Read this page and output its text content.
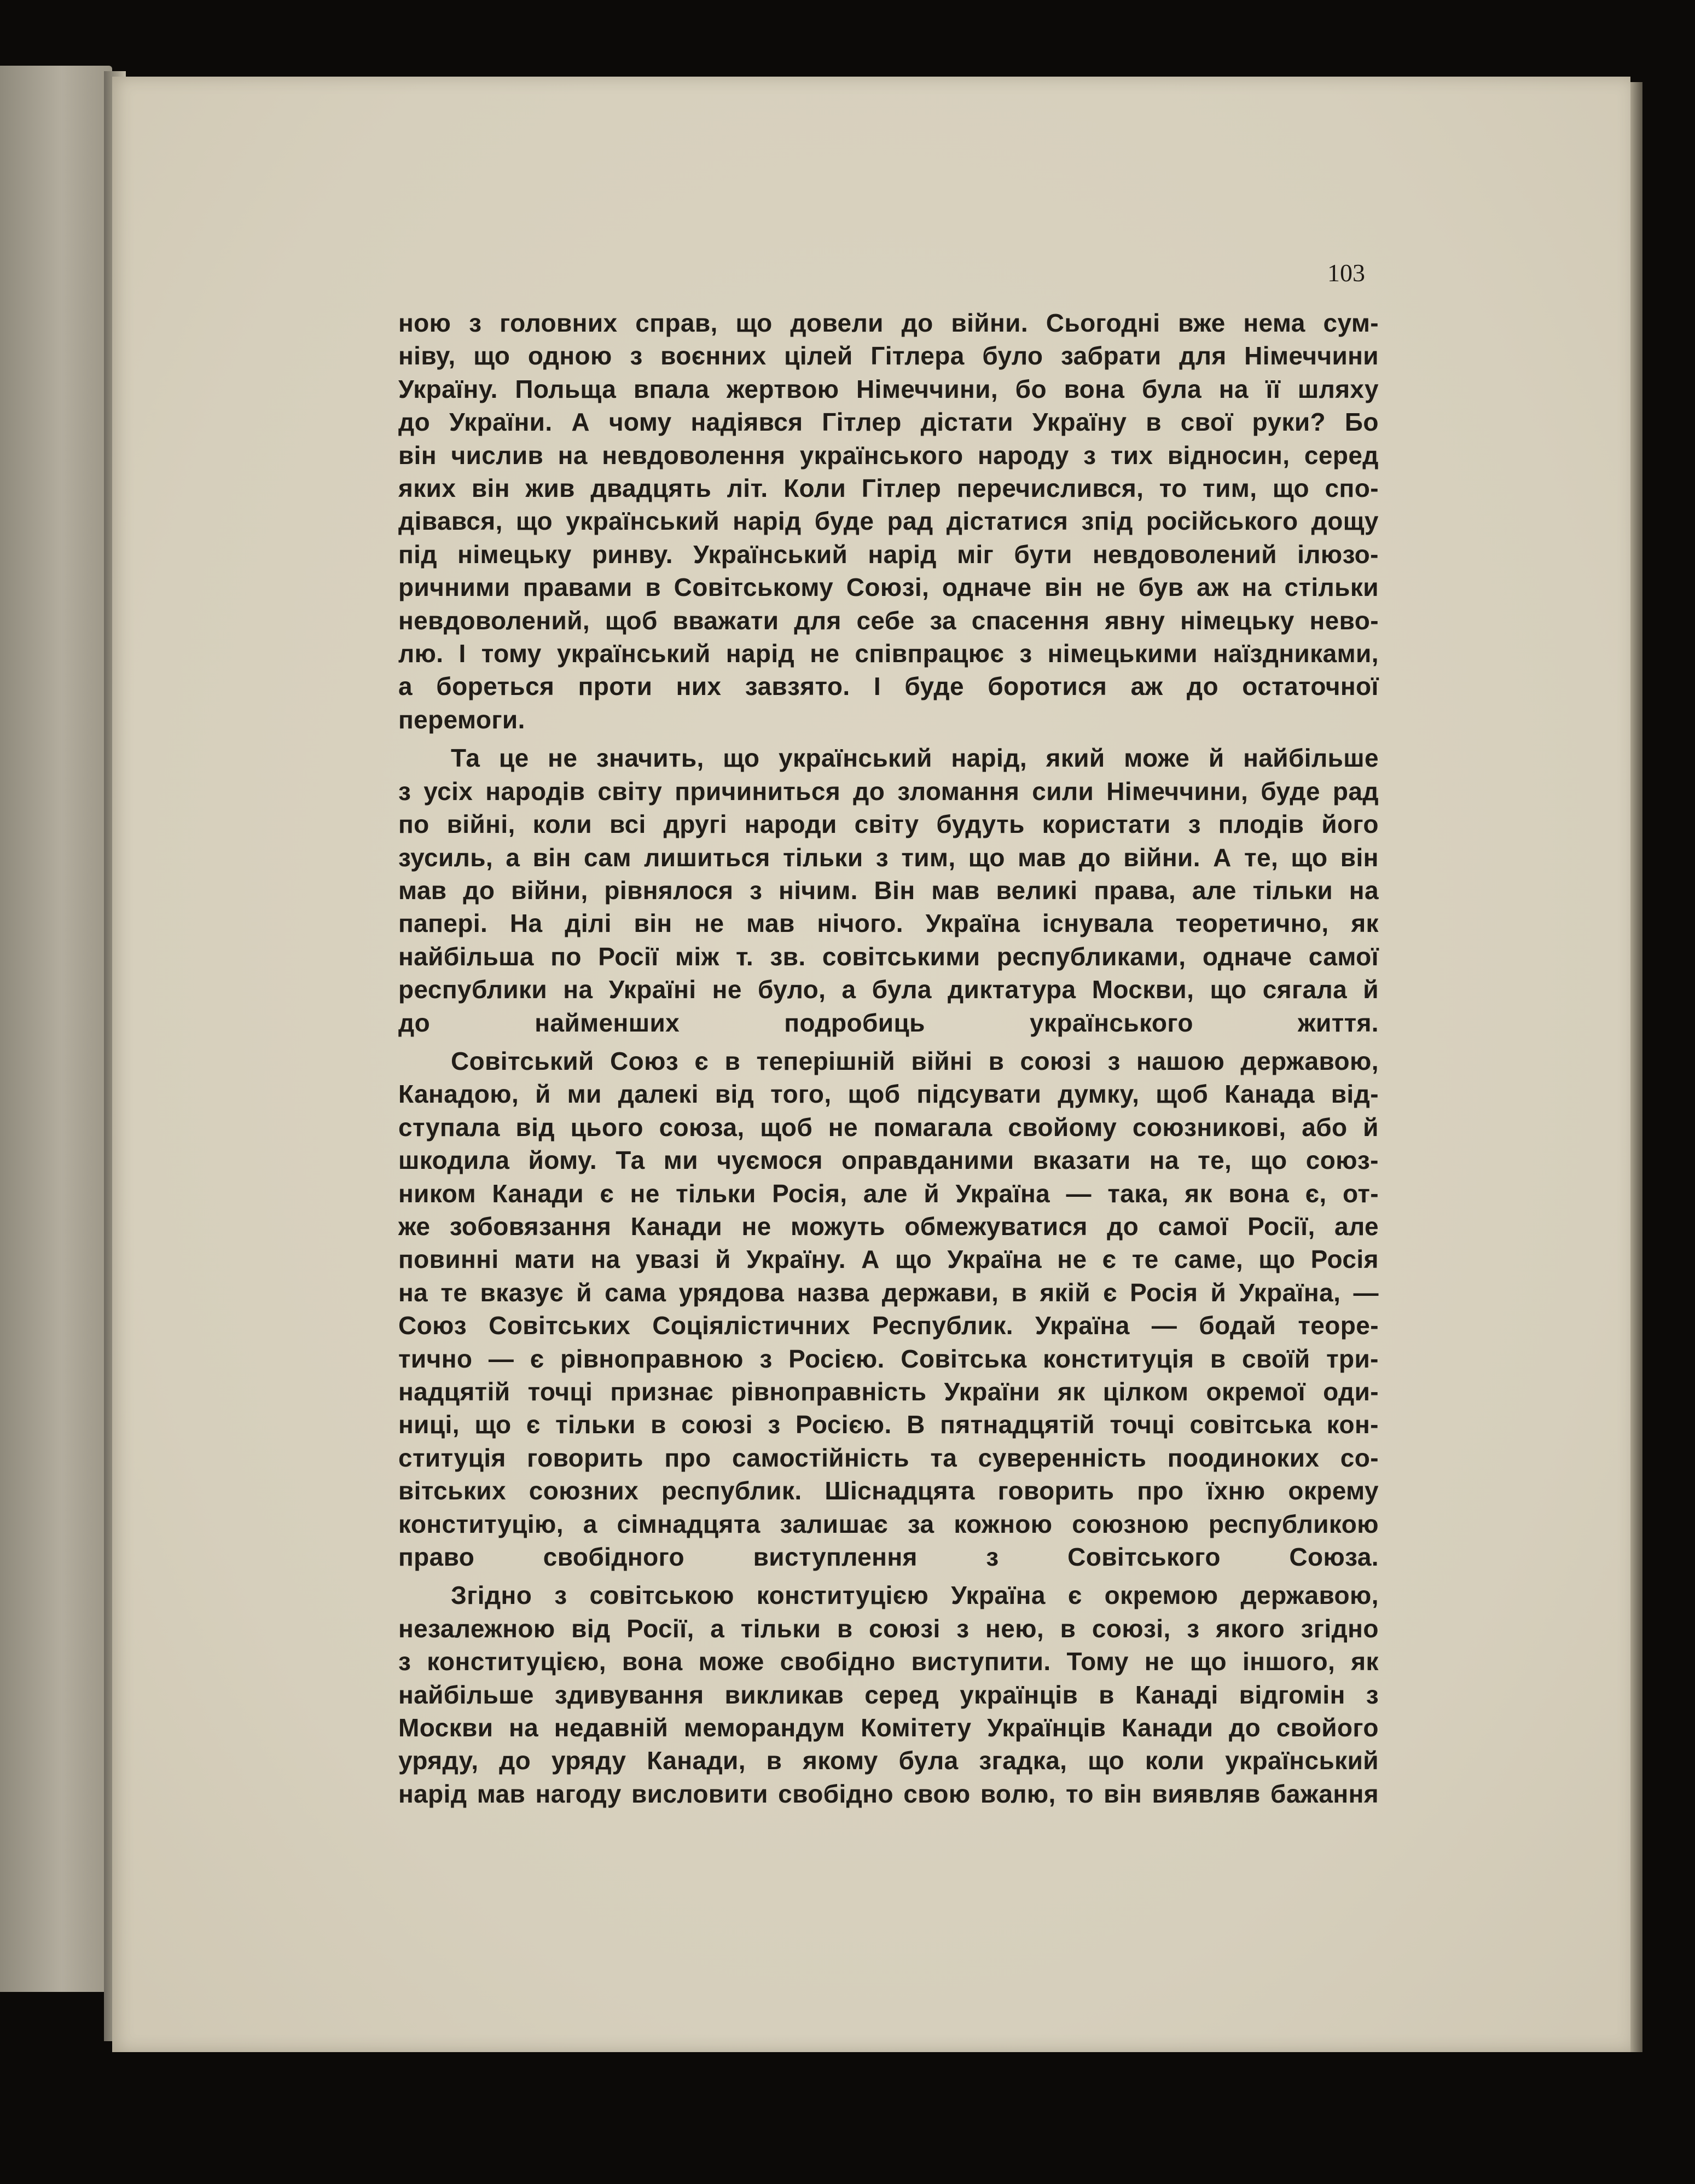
103

ною з головних справ, що довели до війни. Сьогодні вже нема сум-
ніву, що одною з воєнних цілей Гітлера було забрати для Німеччини
Україну. Польща впала жертвою Німеччини, бо вона була на її шляху
до України. А чому надіявся Гітлер дістати Україну в свої руки? Бо
він числив на невдоволення українського народу з тих відносин, серед
яких він жив двадцять літ. Коли Гітлер перечислився, то тим, що спо-
дівався, що український нарід буде рад дістатися зпід російського дощу
під німецьку ринву. Український нарід міг бути невдоволений ілюзо-
ричними правами в Совітському Союзі, одначе він не був аж на стільки
невдоволений, щоб вважати для себе за спасення явну німецьку нево-
лю. І тому український нарід не співпрацює з німецькими наїздниками,
а бореться проти них завзято. І буде боротися аж до остаточної
перемоги.
Та це не значить, що український нарід, який може й найбільше
з усіх народів світу причиниться до зломання сили Німеччини, буде рад
по війні, коли всі другі народи світу будуть користати з плодів його
зусиль, а він сам лишиться тільки з тим, що мав до війни. А те, що він
мав до війни, рівнялося з нічим. Він мав великі права, але тільки на
папері. На ділі він не мав нічого. Україна існувала теоретично, як
найбільша по Росії між т. зв. совітськими республиками, одначе самої
республики на Україні не було, а була диктатура Москви, що сягала й
до найменших подробиць українського життя.
Совітський Союз є в теперішній війні в союзі з нашою державою,
Канадою, й ми далекі від того, щоб підсувати думку, щоб Канада від-
ступала від цього союза, щоб не помагала свойому союзникові, або й
шкодила йому. Та ми чуємося оправданими вказати на те, що союз-
ником Канади є не тільки Росія, але й Україна — така, як вона є, от-
же зобовязання Канади не можуть обмежуватися до самої Росії, але
повинні мати на увазі й Україну. А що Україна не є те саме, що Росія
на те вказує й сама урядова назва держави, в якій є Росія й Україна, —
Союз Совітських Соціялістичних Республик. Україна — бодай теоре-
тично — є рівноправною з Росією. Совітська конституція в своїй три-
надцятій точці признає рівноправність України як цілком окремої оди-
ниці, що є тільки в союзі з Росією. В пятнадцятій точці совітська кон-
ституція говорить про самостійність та суверенність поодиноких со-
вітських союзних республик. Шіснадцята говорить про їхню окрему
конституцію, а сімнадцята залишає за кожною союзною республикою
право свобідного виступлення з Совітського Союза.
Згідно з совітською конституцією Україна є окремою державою,
незалежною від Росії, а тільки в союзі з нею, в союзі, з якого згідно
з конституцією, вона може свобідно виступити. Тому не що іншого, як
найбільше здивування викликав серед українців в Канаді відгомін з
Москви на недавній меморандум Комітету Українців Канади до свойого
уряду, до уряду Канади, в якому була згадка, що коли український
нарід мав нагоду висловити свобідно свою волю, то він виявляв бажання
